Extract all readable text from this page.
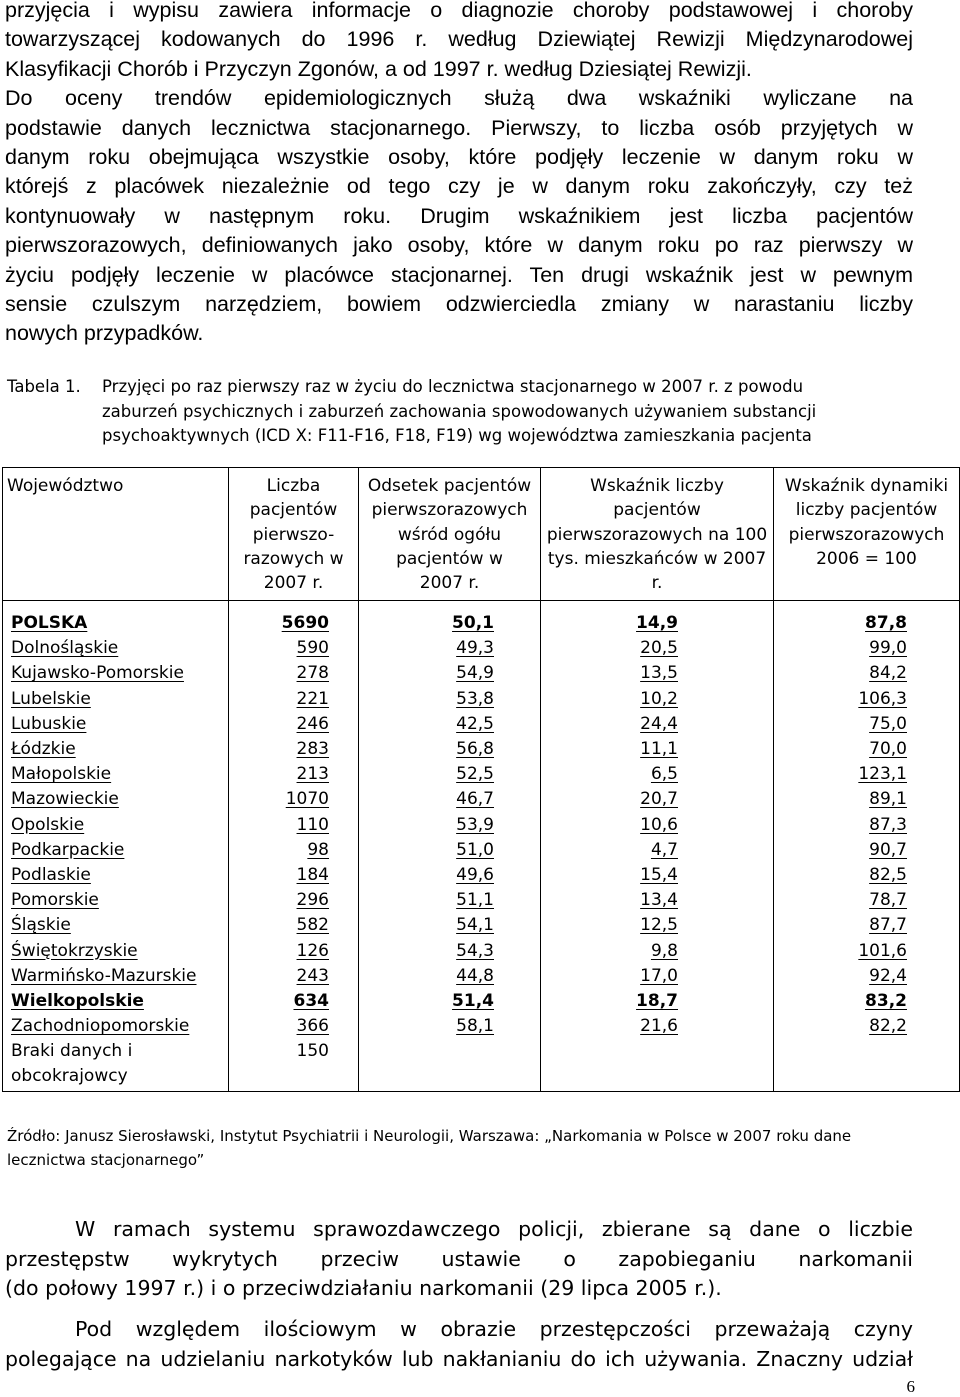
przyjęcia i wypisu zawiera informacje o diagnozie choroby podstawowej i choroby
towarzyszącej kodowanych do 1996 r. według Dziewiątej Rewizji Międzynarodowej
Klasyfikacji Chorób i Przyczyn Zgonów, a od 1997 r. według Dziesiątej Rewizji.
Do oceny trendów epidemiologicznych służą dwa wskaźniki wyliczane na
podstawie danych lecznictwa stacjonarnego. Pierwszy, to liczba osób przyjętych w
danym roku obejmująca wszystkie osoby, które podjęły leczenie w danym roku w
którejś z placówek niezależnie od tego czy je w danym roku zakończyły, czy też
kontynuowały w następnym roku. Drugim wskaźnikiem jest liczba pacjentów
pierwszorazowych, definiowanych jako osoby, które w danym roku po raz pierwszy w
życiu podjęły leczenie w placówce stacjonarnej. Ten drugi wskaźnik jest w pewnym
sensie czulszym narzędziem, bowiem odzwierciedla zmiany w narastaniu liczby
nowych przypadków.

Tabela 1.	Przyjęci po raz pierwszy raz w życiu do lecznictwa stacjonarnego w 2007 r. z powodu
zaburzeń psychicznych i zaburzeń zachowania spowodowanych używaniem substancji
psychoaktywnych (ICD X: F11-F16, F18, F19) wg województwa zamieszkania pacjenta
Województwo	Liczba
pacjentów
pierwszo-
razowych w
2007 r.	Odsetek pacjentów
pierwszorazowych
wśród ogółu
pacjentów w
2007 r.	Wskaźnik liczby
pacjentów
pierwszorazowych na 100
tys. mieszkańców w 2007
r.	Wskaźnik dynamiki
liczby pacjentów
pierwszorazowych
2006 = 100

POLSKA	5690	50,1	14,9	87,8
Dolnośląskie	590	49,3	20,5	99,0
Kujawsko-Pomorskie	278	54,9	13,5	84,2
Lubelskie	221	53,8	10,2	106,3
Lubuskie	246	42,5	24,4	75,0
Łódzkie	283	56,8	11,1	70,0
Małopolskie	213	52,5	6,5	123,1
Mazowieckie	1070	46,7	20,7	89,1
Opolskie	110	53,9	10,6	87,3
Podkarpackie	98	51,0	4,7	90,7
Podlaskie	184	49,6	15,4	82,5
Pomorskie	296	51,1	13,4	78,7
Śląskie	582	54,1	12,5	87,7
Świętokrzyskie	126	54,3	9,8	101,6
Warmińsko-Mazurskie	243	44,8	17,0	92,4
Wielkopolskie	634	51,4	18,7	83,2
Zachodniopomorskie	366	58,1	21,6	82,2

Braki danych i
obcokrajowcy	150			

Źródło: Janusz Sierosławski, Instytut Psychiatrii i Neurologii, Warszawa: „Narkomania w Polsce w 2007 roku dane
lecznictwa stacjonarnego”

W ramach systemu sprawozdawczego policji, zbierane są dane o liczbie
przestępstw wykrytych przeciw ustawie o zapobieganiu narkomanii
(do połowy 1997 r.) i o przeciwdziałaniu narkomanii (29 lipca 2005 r.).

Pod względem ilościowym w obrazie przestępczości przeważają czyny
polegające na udzielaniu narkotyków lub nakłanianiu do ich używania. Znaczny udział

6
